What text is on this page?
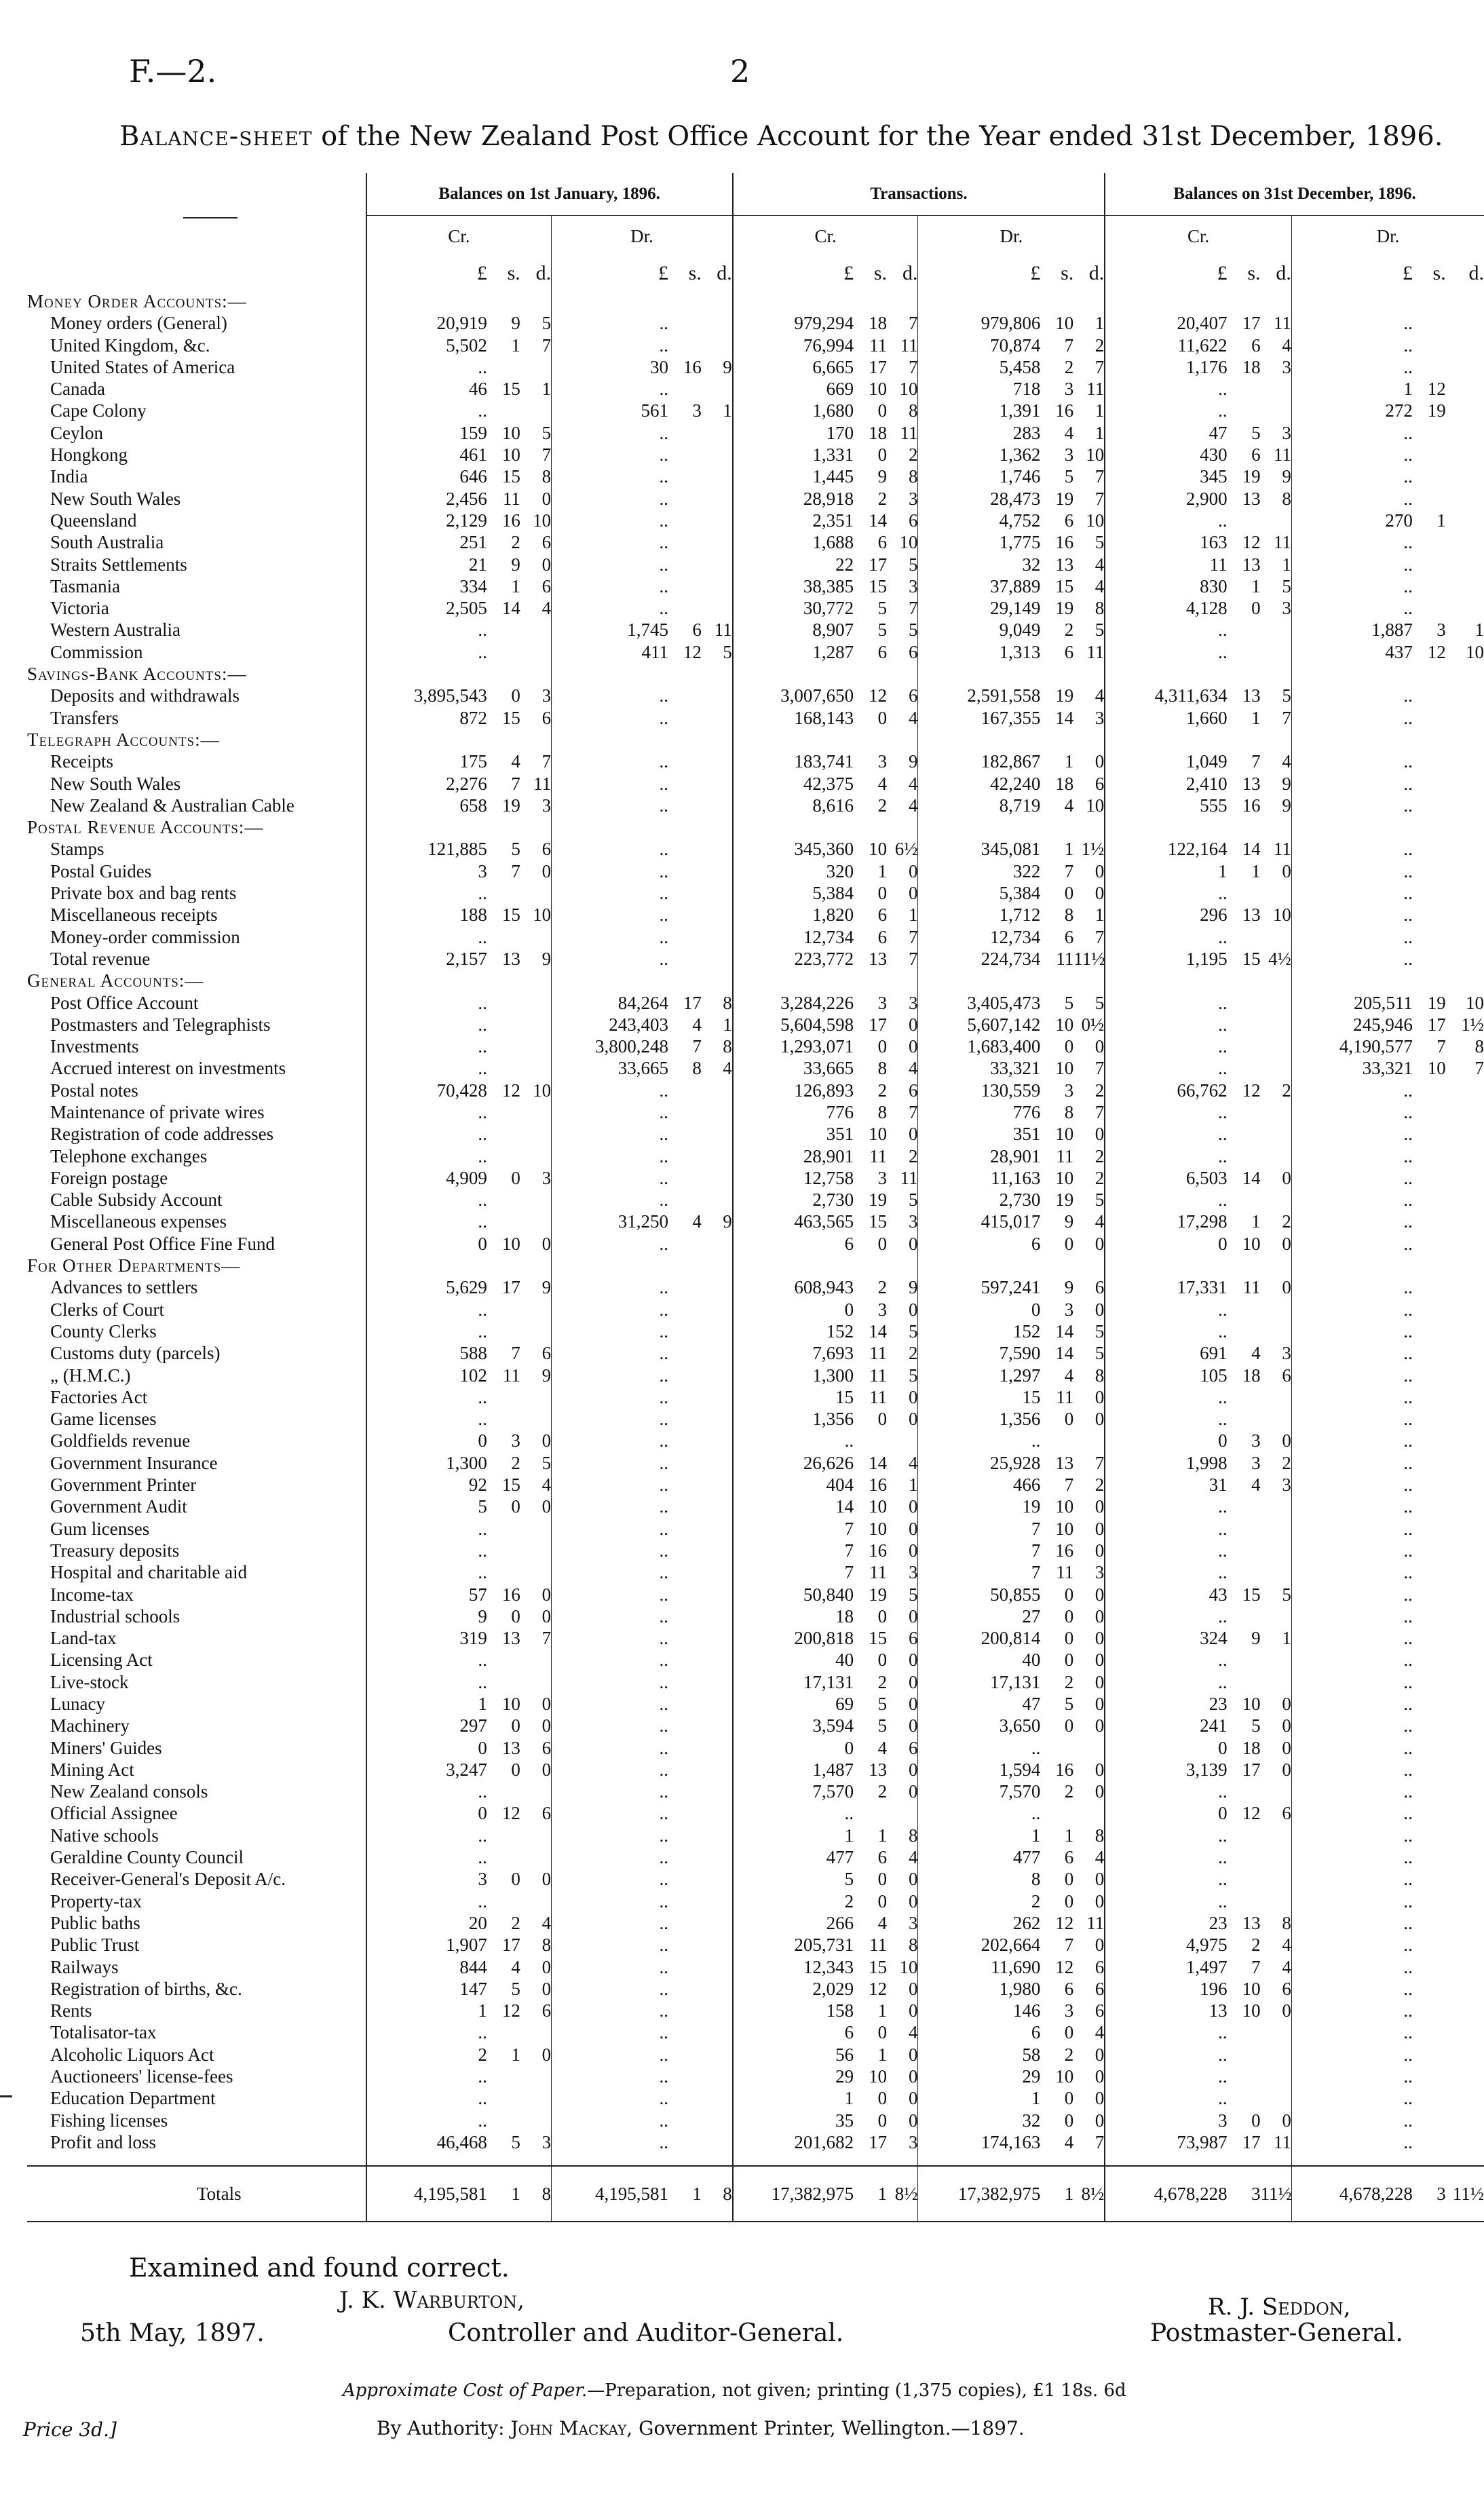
F.—2.	2
Balance-sheet of the New Zealand Post Office Account for the Year ended 31st December, 1896.
	Balances on 1st January, 1896.								Transactions.								Balances on 31st December, 1896.							
	Cr.				Dr.				Cr.				Dr.				Cr.				Dr.			
		£	s.	d.		£	s.	d.		£	s.	d.		£	s.	d.		£	s.	d.		£	s.	d.
Money Order Accounts:—																								
Money orders (General)		20,919	9	5		..				979,294	18	7		979,806	10	1		20,407	17	11		..		
United Kingdom, &c.		5,502	1	7		..				76,994	11	11		70,874	7	2		11,622	6	4		..		
United States of America		..				30	16	9		6,665	17	7		5,458	2	7		1,176	18	3		..		
Canada		46	15	1		..				669	10	10		718	3	11		..				1	12	
Cape Colony		..				561	3	1		1,680	0	8		1,391	16	1		..				272	19	
Ceylon		159	10	5		..				170	18	11		283	4	1		47	5	3		..		
Hongkong		461	10	7		..				1,331	0	2		1,362	3	10		430	6	11		..		
India		646	15	8		..				1,445	9	8		1,746	5	7		345	19	9		..		
New South Wales		2,456	11	0		..				28,918	2	3		28,473	19	7		2,900	13	8		..		
Queensland		2,129	16	10		..				2,351	14	6		4,752	6	10		..				270	1	
South Australia		251	2	6		..				1,688	6	10		1,775	16	5		163	12	11		..		
Straits Settlements		21	9	0		..				22	17	5		32	13	4		11	13	1		..		
Tasmania		334	1	6		..				38,385	15	3		37,889	15	4		830	1	5		..		
Victoria		2,505	14	4		..				30,772	5	7		29,149	19	8		4,128	0	3		..		
Western Australia		..				1,745	6	11		8,907	5	5		9,049	2	5		..				1,887	3	1
Commission		..				411	12	5		1,287	6	6		1,313	6	11		..				437	12	10
Savings-Bank Accounts:—																								
Deposits and withdrawals		3,895,543	0	3		..				3,007,650	12	6		2,591,558	19	4		4,311,634	13	5		..		
Transfers		872	15	6		..				168,143	0	4		167,355	14	3		1,660	1	7		..		
Telegraph Accounts:—																								
Receipts		175	4	7		..				183,741	3	9		182,867	1	0		1,049	7	4		..		
New South Wales		2,276	7	11		..				42,375	4	4		42,240	18	6		2,410	13	9		..		
New Zealand & Australian Cable		658	19	3		..				8,616	2	4		8,719	4	10		555	16	9		..		
Postal Revenue Accounts:—																								
Stamps		121,885	5	6		..				345,360	10	6½		345,081	1	1½		122,164	14	11		..		
Postal Guides		3	7	0		..				320	1	0		322	7	0		1	1	0		..		
Private box and bag rents		..				..				5,384	0	0		5,384	0	0		..				..		
Miscellaneous receipts		188	15	10		..				1,820	6	1		1,712	8	1		296	13	10		..		
Money-order commission		..				..				12,734	6	7		12,734	6	7		..				..		
Total revenue		2,157	13	9		..				223,772	13	7		224,734	11	11½		1,195	15	4½		..		
General Accounts:—																								
Post Office Account		..				84,264	17	8		3,284,226	3	3		3,405,473	5	5		..				205,511	19	10
Postmasters and Telegraphists		..				243,403	4	1		5,604,598	17	0		5,607,142	10	0½		..				245,946	17	1½
Investments		..				3,800,248	7	8		1,293,071	0	0		1,683,400	0	0		..				4,190,577	7	8
Accrued interest on investments		..				33,665	8	4		33,665	8	4		33,321	10	7		..				33,321	10	7
Postal notes		70,428	12	10		..				126,893	2	6		130,559	3	2		66,762	12	2		..		
Maintenance of private wires		..				..				776	8	7		776	8	7		..				..		
Registration of code addresses		..				..				351	10	0		351	10	0		..				..		
Telephone exchanges		..				..				28,901	11	2		28,901	11	2		..				..		
Foreign postage		4,909	0	3		..				12,758	3	11		11,163	10	2		6,503	14	0		..		
Cable Subsidy Account		..				..				2,730	19	5		2,730	19	5		..				..		
Miscellaneous expenses		..				31,250	4	9		463,565	15	3		415,017	9	4		17,298	1	2		..		
General Post Office Fine Fund		0	10	0		..				6	0	0		6	0	0		0	10	0		..		
For Other Departments—																								
Advances to settlers		5,629	17	9		..				608,943	2	9		597,241	9	6		17,331	11	0		..		
Clerks of Court		..				..				0	3	0		0	3	0		..				..		
County Clerks		..				..				152	14	5		152	14	5		..				..		
Customs duty (parcels)		588	7	6		..				7,693	11	2		7,590	14	5		691	4	3		..		
„ (H.M.C.)		102	11	9		..				1,300	11	5		1,297	4	8		105	18	6		..		
Factories Act		..				..				15	11	0		15	11	0		..				..		
Game licenses		..				..				1,356	0	0		1,356	0	0		..				..		
Goldfields revenue		0	3	0		..				..				..				0	3	0		..		
Government Insurance		1,300	2	5		..				26,626	14	4		25,928	13	7		1,998	3	2		..		
Government Printer		92	15	4		..				404	16	1		466	7	2		31	4	3		..		
Government Audit		5	0	0		..				14	10	0		19	10	0		..				..		
Gum licenses		..				..				7	10	0		7	10	0		..				..		
Treasury deposits		..				..				7	16	0		7	16	0		..				..		
Hospital and charitable aid		..				..				7	11	3		7	11	3		..				..		
Income-tax		57	16	0		..				50,840	19	5		50,855	0	0		43	15	5		..		
Industrial schools		9	0	0		..				18	0	0		27	0	0		..				..		
Land-tax		319	13	7		..				200,818	15	6		200,814	0	0		324	9	1		..		
Licensing Act		..				..				40	0	0		40	0	0		..				..		
Live-stock		..				..				17,131	2	0		17,131	2	0		..				..		
Lunacy		1	10	0		..				69	5	0		47	5	0		23	10	0		..		
Machinery		297	0	0		..				3,594	5	0		3,650	0	0		241	5	0		..		
Miners' Guides		0	13	6		..				0	4	6		..				0	18	0		..		
Mining Act		3,247	0	0		..				1,487	13	0		1,594	16	0		3,139	17	0		..		
New Zealand consols		..				..				7,570	2	0		7,570	2	0		..				..		
Official Assignee		0	12	6		..				..				..				0	12	6		..		
Native schools		..				..				1	1	8		1	1	8		..				..		
Geraldine County Council		..				..				477	6	4		477	6	4		..				..		
Receiver-General's Deposit A/c.		3	0	0		..				5	0	0		8	0	0		..				..		
Property-tax		..				..				2	0	0		2	0	0		..				..		
Public baths		20	2	4		..				266	4	3		262	12	11		23	13	8		..		
Public Trust		1,907	17	8		..				205,731	11	8		202,664	7	0		4,975	2	4		..		
Railways		844	4	0		..				12,343	15	10		11,690	12	6		1,497	7	4		..		
Registration of births, &c.		147	5	0		..				2,029	12	0		1,980	6	6		196	10	6		..		
Rents		1	12	6		..				158	1	0		146	3	6		13	10	0		..		
Totalisator-tax		..				..				6	0	4		6	0	4		..				..		
Alcoholic Liquors Act		2	1	0		..				56	1	0		58	2	0		..				..		
Auctioneers' license-fees		..				..				29	10	0		29	10	0		..				..		
Education Department		..				..				1	0	0		1	0	0		..				..		
Fishing licenses		..				..				35	0	0		32	0	0		3	0	0		..		
Profit and loss		46,468	5	3		..				201,682	17	3		174,163	4	7		73,987	17	11		..		

Totals		4,195,581	1	8		4,195,581	1	8		17,382,975	1	8½		17,382,975	1	8½		4,678,228	3	11½		4,678,228	3	11½
Examined and found correct.
J. K. Warburton,
5th May, 1897.	Controller and Auditor-General.
R. J. Seddon,
Postmaster-General.
Approximate Cost of Paper.—Preparation, not given; printing (1,375 copies), £1 18s. 6d
Price 3d.]	By Authority: John Mackay, Government Printer, Wellington.—1897.
